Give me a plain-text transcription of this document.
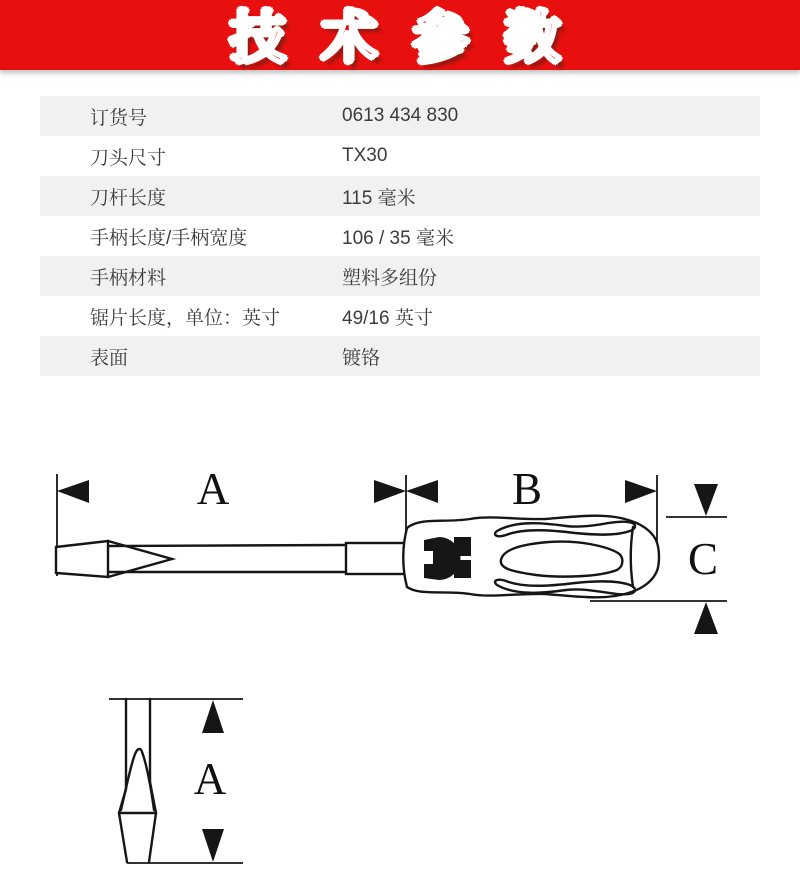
技 术 参 数
订货号	0613 434 830
刀头尺寸	TX30
刀杆长度	115 毫米
手柄长度/手柄宽度	106 / 35 毫米
手柄材料	塑料多组份
锯片长度，单位：英寸	49/16 英寸
表面	镀铬
A	B
C
A
